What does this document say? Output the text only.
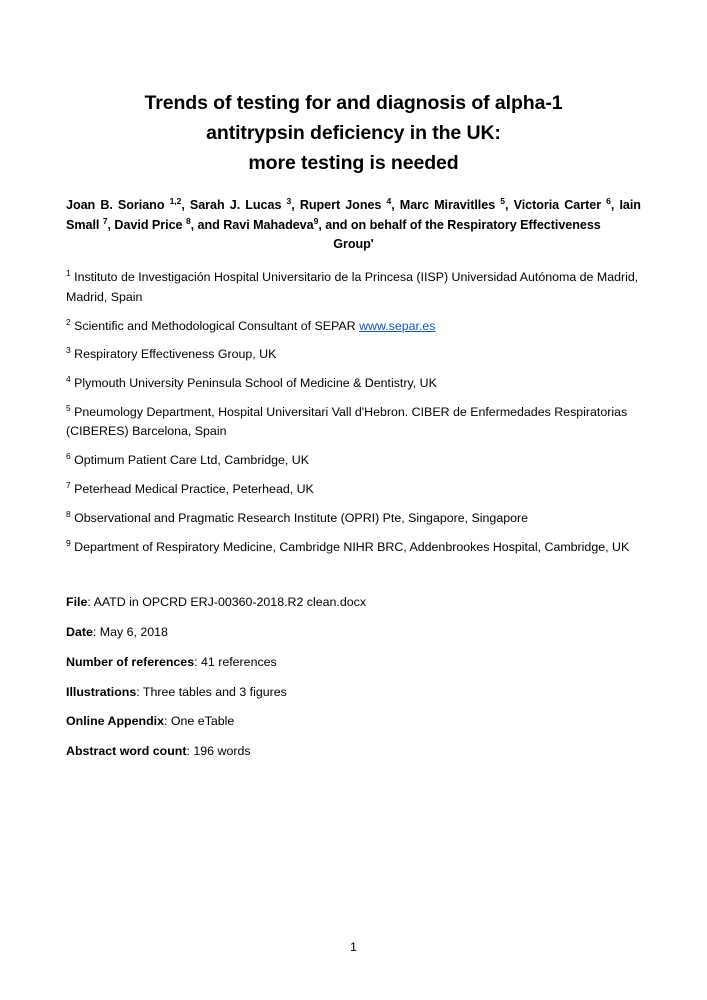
Trends of testing for and diagnosis of alpha-1
antitrypsin deficiency in the UK:
more testing is needed

Joan B. Soriano $^{1,2}$, Sarah J. Lucas $^3$, Rupert Jones $^4$, Marc Miravitlles $^5$, Victoria Carter $^6$, Iain Small $^7$, David Price $^8$, and Ravi Mahadeva$^9$, and on behalf of the Respiratory Effectiveness
Group'

$^1$ Instituto de Investigación Hospital Universitario de la Princesa (IISP) Universidad Autónoma de Madrid, Madrid, Spain

$^2$ Scientific and Methodological Consultant of SEPAR www.separ.es

$^3$ Respiratory Effectiveness Group, UK

$^4$ Plymouth University Peninsula School of Medicine & Dentistry, UK

$^5$ Pneumology Department, Hospital Universitari Vall d'Hebron. CIBER de Enfermedades Respiratorias (CIBERES) Barcelona, Spain

$^6$ Optimum Patient Care Ltd, Cambridge, UK

$^7$ Peterhead Medical Practice, Peterhead, UK

$^8$ Observational and Pragmatic Research Institute (OPRI) Pte, Singapore, Singapore

$^9$ Department of Respiratory Medicine, Cambridge NIHR BRC, Addenbrookes Hospital, Cambridge, UK

File: AATD in OPCRD ERJ-00360-2018.R2 clean.docx

Date: May 6, 2018

Number of references: 41 references

Illustrations: Three tables and 3 figures

Online Appendix: One eTable

Abstract word count: 196 words

1
